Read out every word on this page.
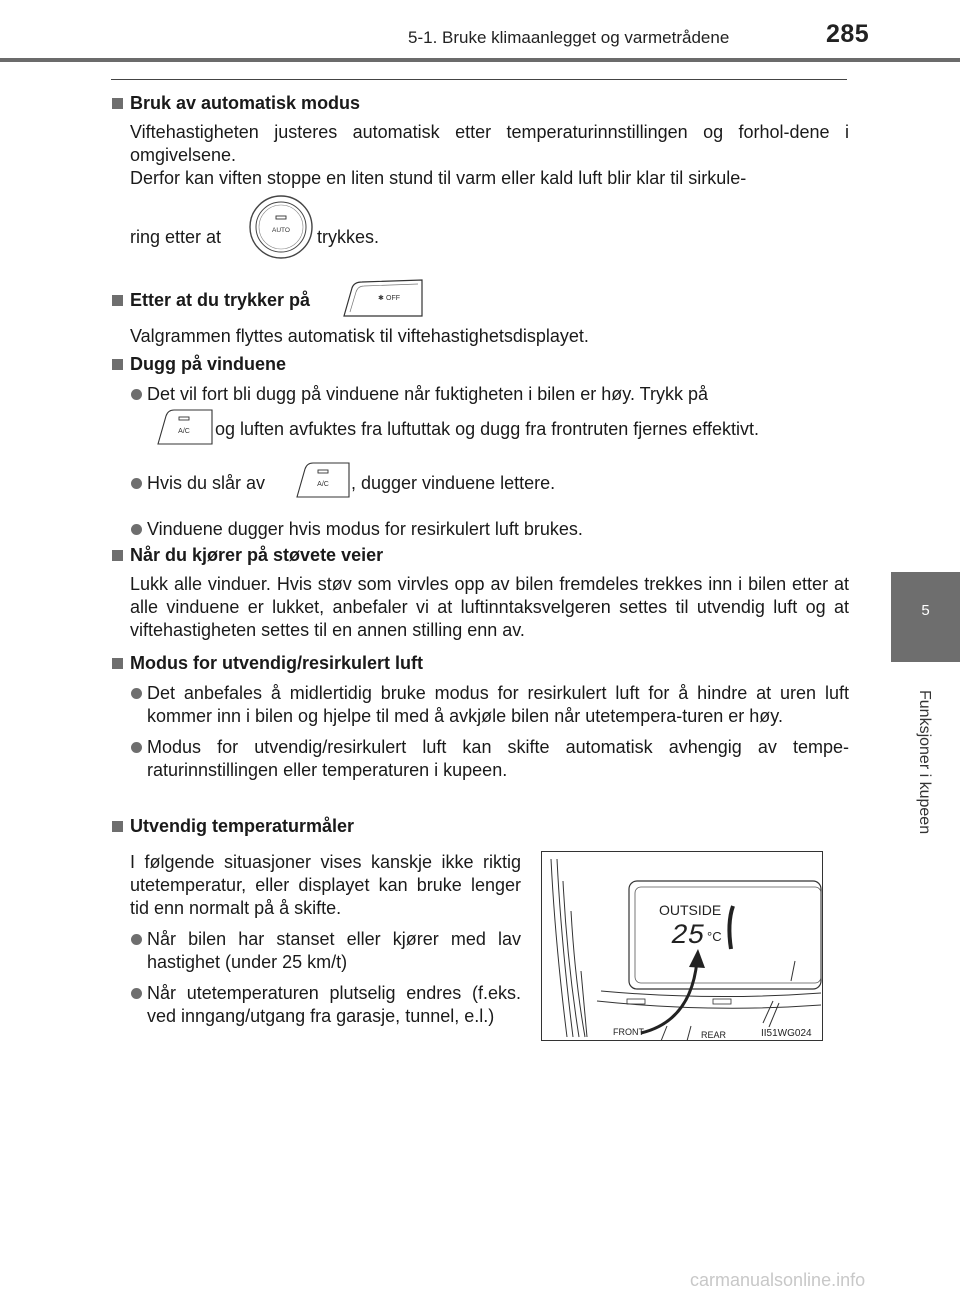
5-1. Bruke klimaanlegget og varmetrådene	285
5
Funksjoner i kupeen

Bruk av automatisk modus

Viftehastigheten justeres automatisk etter temperaturinnstillingen og forhol-dene i omgivelsene.

Derfor kan viften stoppe en liten stund til varm eller kald luft blir klar til sirkule-

ring etter at	AUTO trykkes.

Etter at du trykker på	✱ OFF

Valgrammen flyttes automatisk til viftehastighetsdisplayet.

Dugg på vinduene

Det vil fort bli dugg på vinduene når fuktigheten i bilen er høy. Trykk på

A/C og luften avfuktes fra luftuttak og dugg fra frontruten fjernes effektivt.
Hvis du slår av	A/C , dugger vinduene lettere.

Vinduene dugger hvis modus for resirkulert luft brukes.

Når du kjører på støvete veier

Lukk alle vinduer. Hvis støv som virvles opp av bilen fremdeles trekkes inn i bilen etter at alle vinduene er lukket, anbefaler vi at luftinntaksvelgeren settes til utvendig luft og at viftehastigheten settes til en annen stilling enn av.

Modus for utvendig/resirkulert luft

Det anbefales å midlertidig bruke modus for resirkulert luft for å hindre at uren luft kommer inn i bilen og hjelpe til med å avkjøle bilen når utetempera-turen er høy.

Modus for utvendig/resirkulert luft kan skifte automatisk avhengig av tempe-raturinnstillingen eller temperaturen i kupeen.

Utvendig temperaturmåler

I følgende situasjoner vises kanskje ikke riktig utetemperatur, eller displayet kan bruke lenger tid enn normalt på å skifte.

Når bilen har stanset eller kjører med lav hastighet (under 25 km/t)

Når utetemperaturen plutselig endres (f.eks. ved inngang/utgang fra garasje, tunnel, e.l.)

OUTSIDE
25 °C
FRONT	REAR	II51WG024
carmanualsonline.info
